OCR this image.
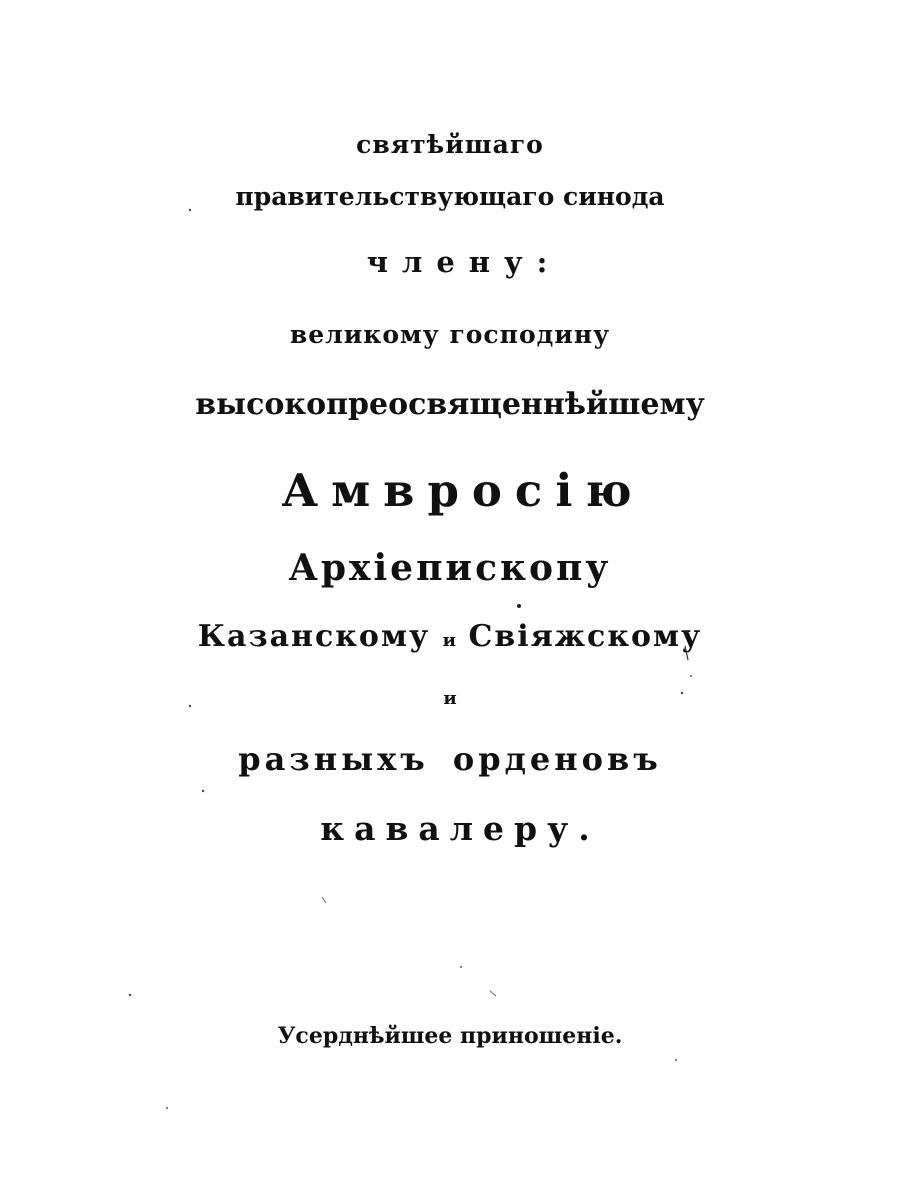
святѣйшаго
правительствующаго синода
члену:
великому господину
высокопреосвященнѣйшему
Амвросію
Архіепископу
Казанскому и Свіяжскому
и
разныхъ орденовъ
кавалеру.
Усерднѣйшее приношеніе.
